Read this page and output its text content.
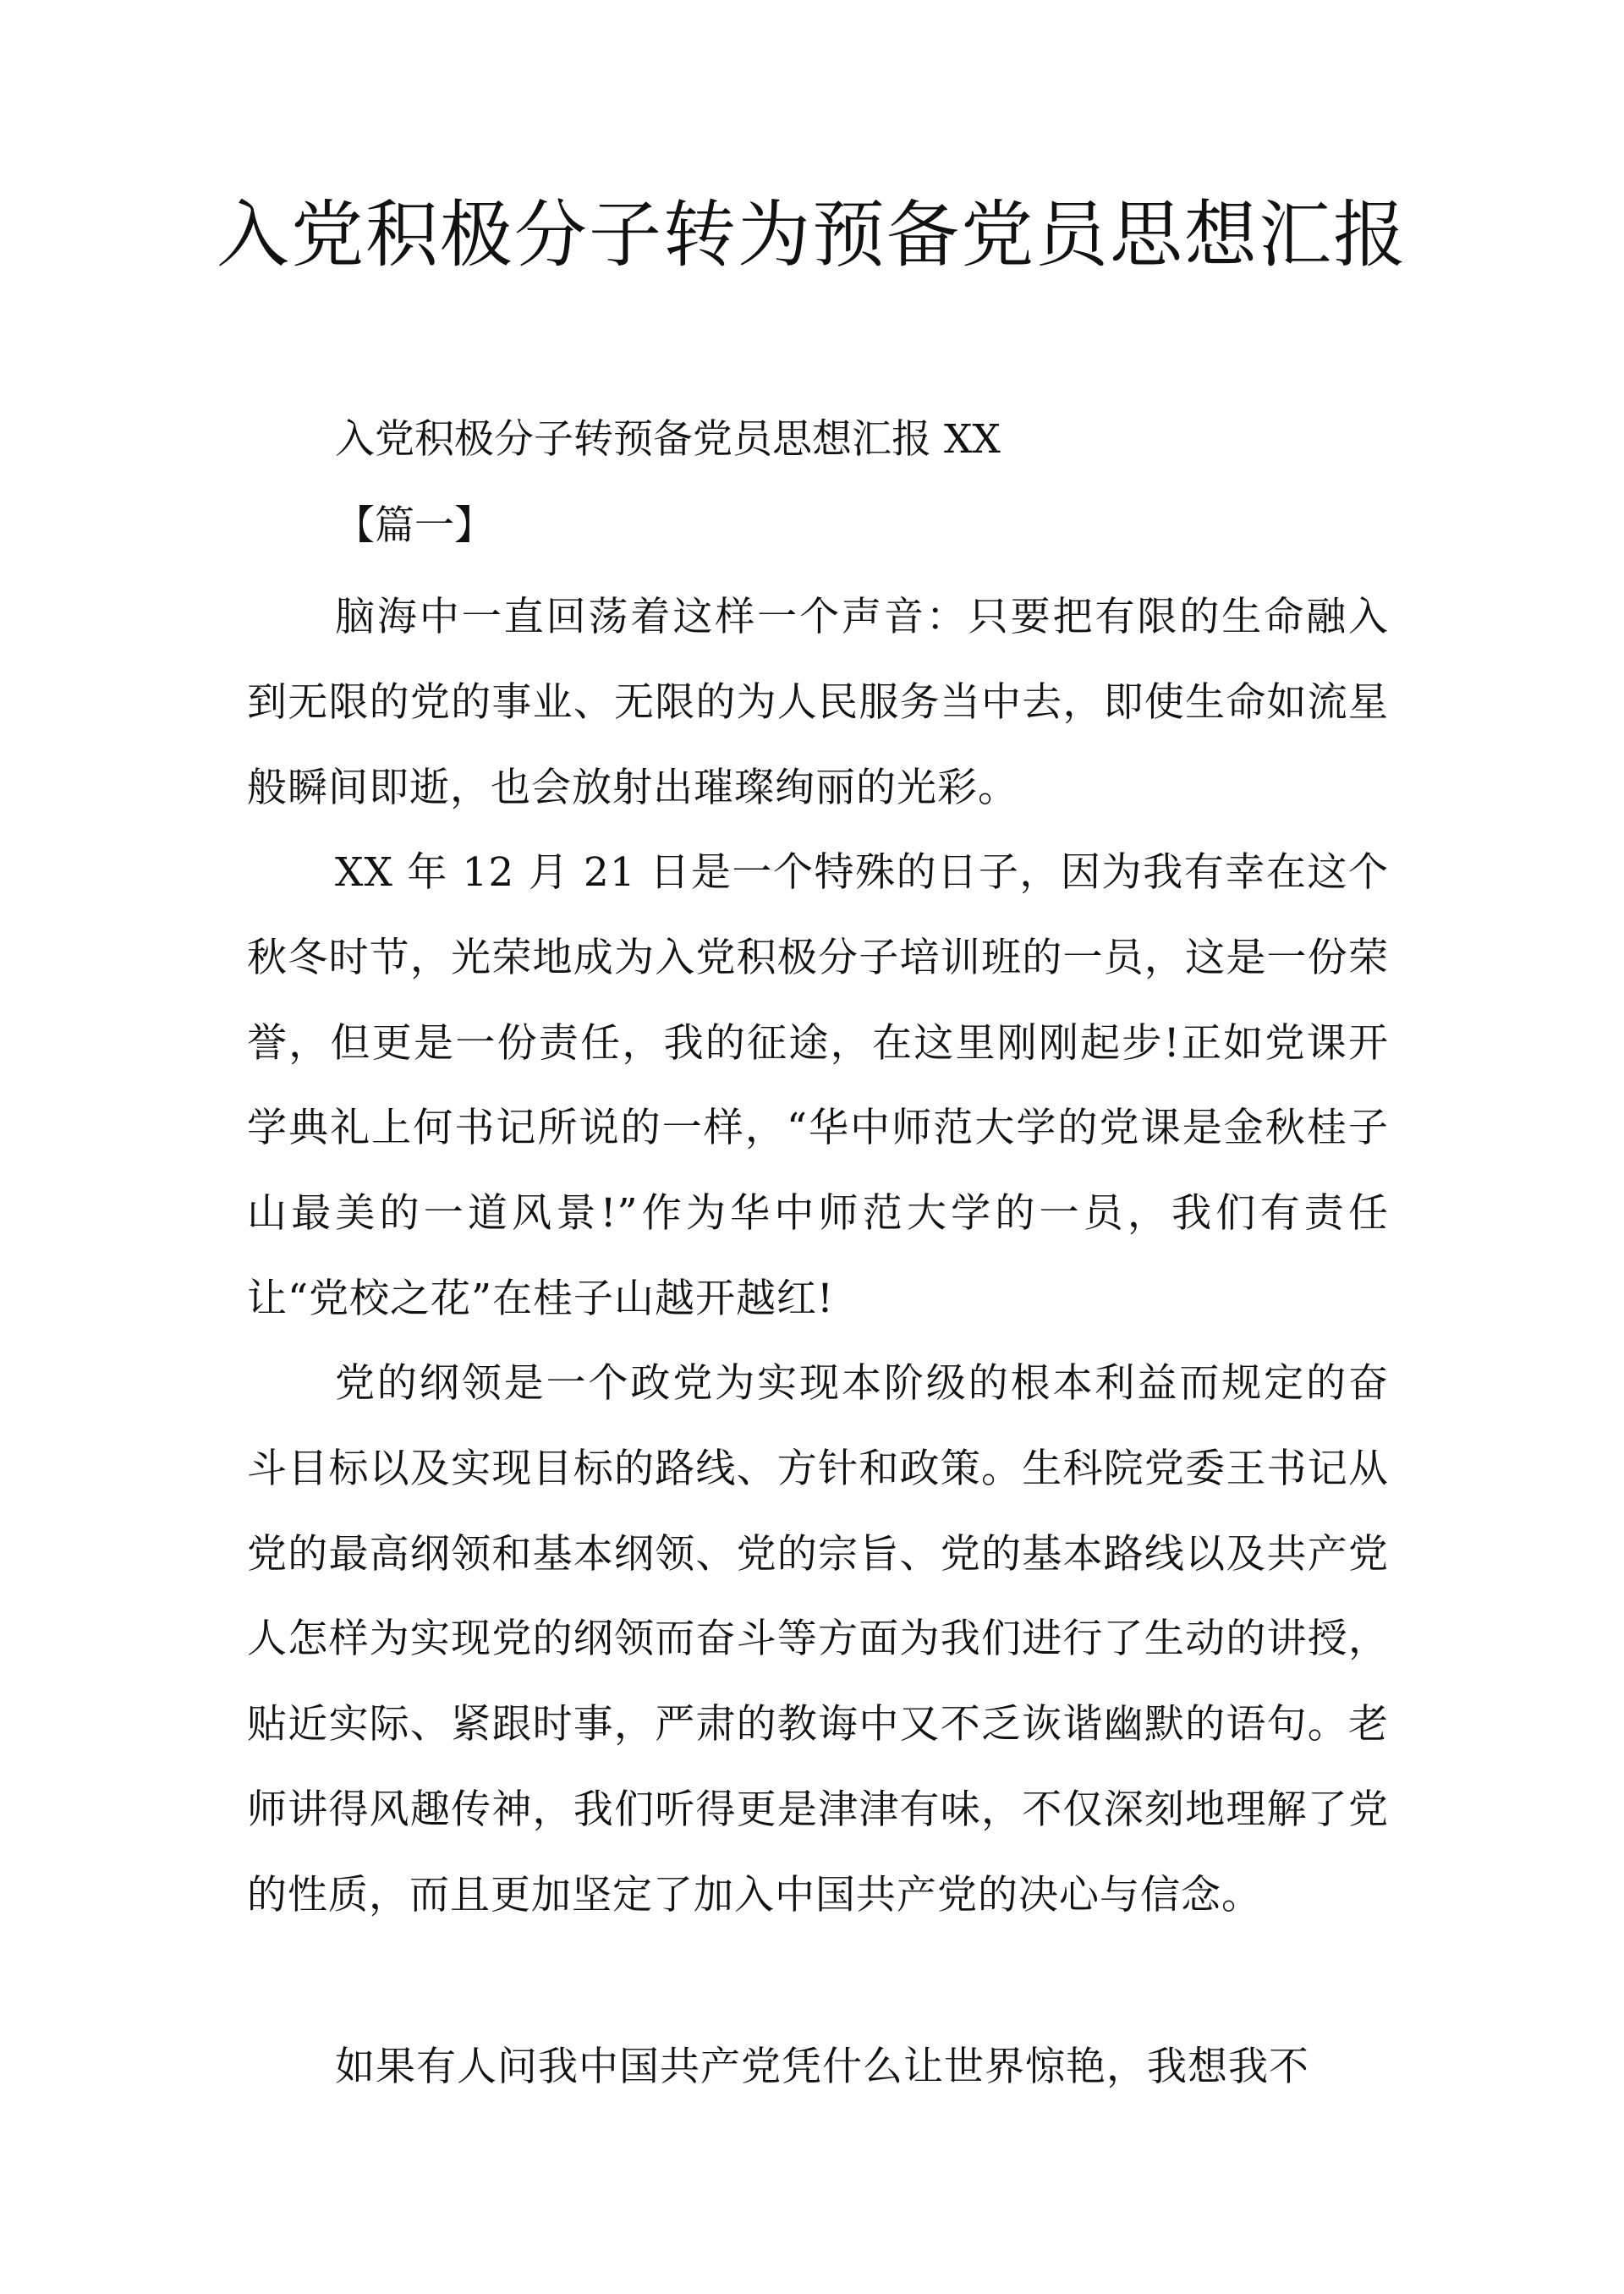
入党积极分子转为预备党员思想汇报

入党积极分子转预备党员思想汇报 XX

【篇一】

脑海中一直回荡着这样一个声音：只要把有限的生命融入到无限的党的事业、无限的为人民服务当中去，即使生命如流星般瞬间即逝，也会放射出璀璨绚丽的光彩。

XX 年 12 月 21 日是一个特殊的日子，因为我有幸在这个秋冬时节，光荣地成为入党积极分子培训班的一员，这是一份荣誉，但更是一份责任，我的征途，在这里刚刚起步!正如党课开学典礼上何书记所说的一样，“华中师范大学的党课是金秋桂子山最美的一道风景!”作为华中师范大学的一员，我们有责任让“党校之花”在桂子山越开越红!

党的纲领是一个政党为实现本阶级的根本利益而规定的奋斗目标以及实现目标的路线、方针和政策。生科院党委王书记从党的最高纲领和基本纲领、党的宗旨、党的基本路线以及共产党人怎样为实现党的纲领而奋斗等方面为我们进行了生动的讲授，贴近实际、紧跟时事，严肃的教诲中又不乏诙谐幽默的语句。老师讲得风趣传神，我们听得更是津津有味，不仅深刻地理解了党的性质，而且更加坚定了加入中国共产党的决心与信念。

如果有人问我中国共产党凭什么让世界惊艳，我想我不
